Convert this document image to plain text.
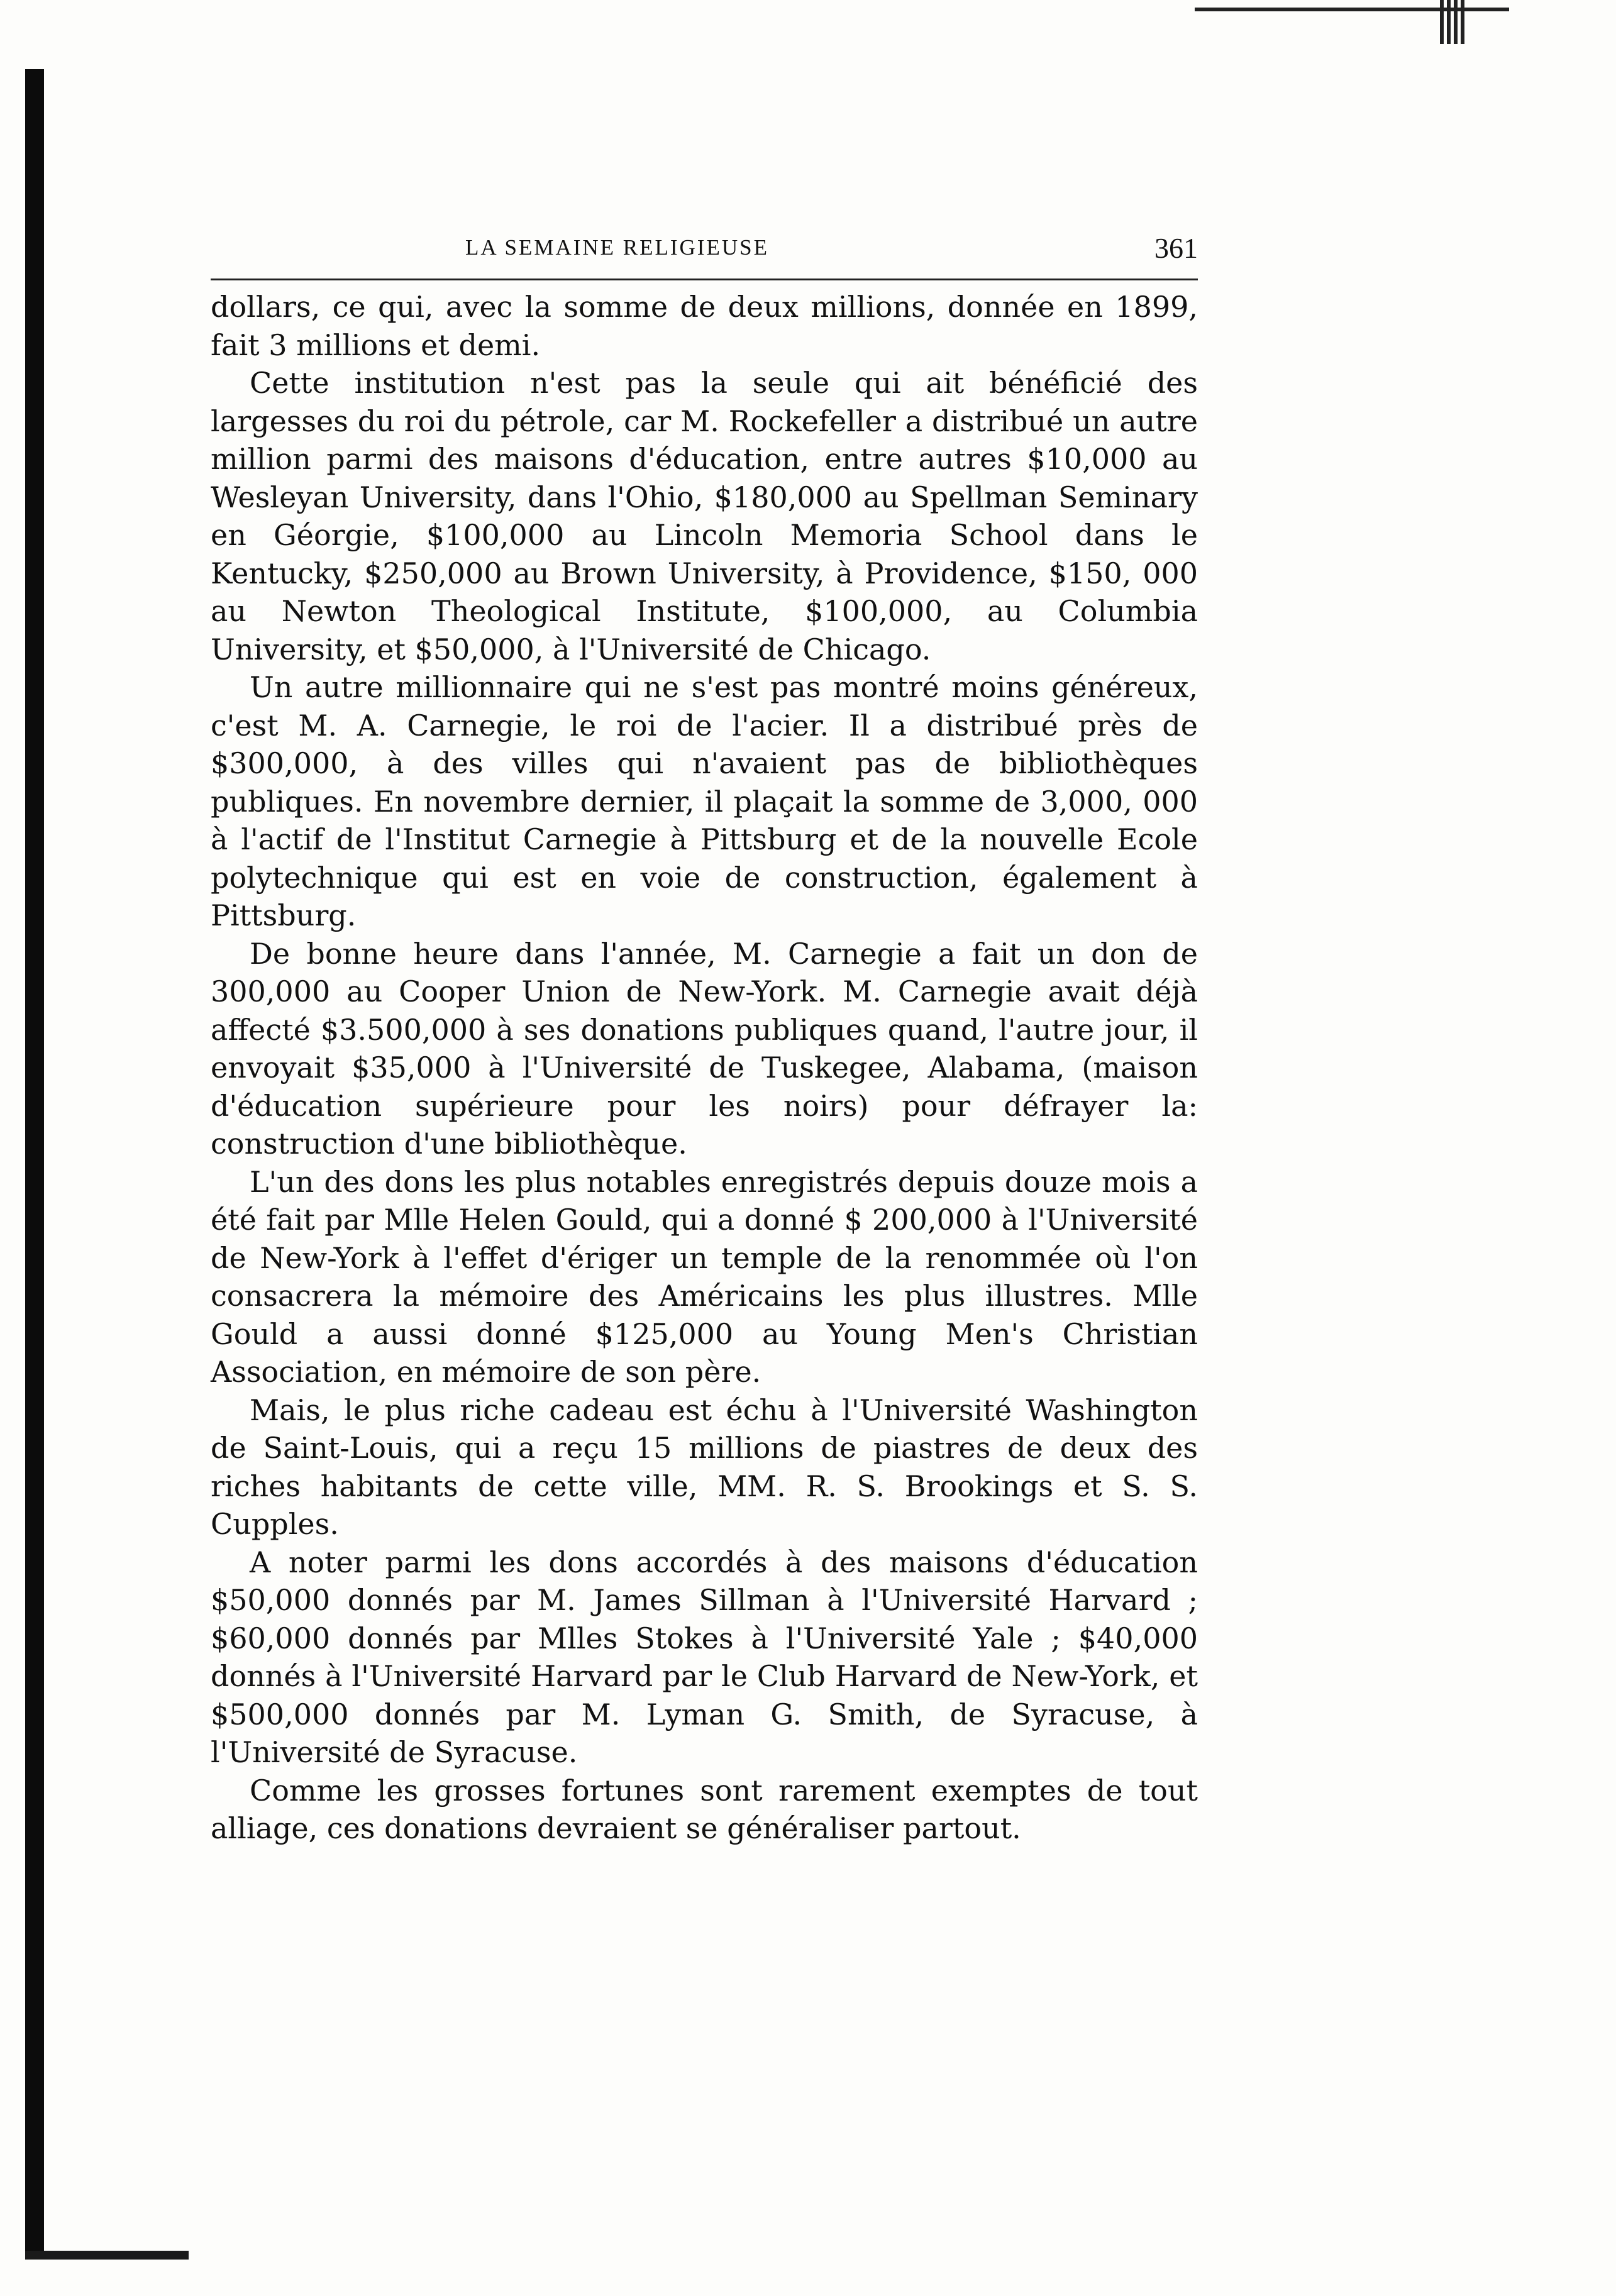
LA SEMAINE RELIGIEUSE	361

dollars, ce qui, avec la somme de deux millions, donnée en 1899, fait 3 millions et demi.

Cette institution n'est pas la seule qui ait bénéficié des largesses du roi du pétrole, car M. Rockefeller a distribué un autre million parmi des maisons d'éducation, entre autres $10,000 au Wesleyan University, dans l'Ohio, $180,000 au Spellman Seminary en Géorgie, $100,000 au Lincoln Memoria School dans le Kentucky, $250,000 au Brown University, à Providence, $150, 000 au Newton Theological Institute, $100,000, au Columbia University, et $50,000, à l'Université de Chicago.

Un autre millionnaire qui ne s'est pas montré moins généreux, c'est M. A. Carnegie, le roi de l'acier. Il a distribué près de $300,000, à des villes qui n'avaient pas de bibliothèques publiques. En novembre dernier, il plaçait la somme de 3,000, 000 à l'actif de l'Institut Carnegie à Pittsburg et de la nouvelle Ecole polytechnique qui est en voie de construction, également à Pittsburg.

De bonne heure dans l'année, M. Carnegie a fait un don de 300,000 au Cooper Union de New-York. M. Carnegie avait déjà affecté $3.500,000 à ses donations publiques quand, l'autre jour, il envoyait $35,000 à l'Université de Tuskegee, Alabama, (maison d'éducation supérieure pour les noirs) pour défrayer la: construction d'une bibliothèque.

L'un des dons les plus notables enregistrés depuis douze mois a été fait par Mlle Helen Gould, qui a donné $ 200,000 à l'Université de New-York à l'effet d'ériger un temple de la renommée où l'on consacrera la mémoire des Américains les plus illustres. Mlle Gould a aussi donné $125,000 au Young Men's Christian Association, en mémoire de son père.

Mais, le plus riche cadeau est échu à l'Université Washington de Saint-Louis, qui a reçu 15 millions de piastres de deux des riches habitants de cette ville, MM. R. S. Brookings et S. S. Cupples.

A noter parmi les dons accordés à des maisons d'éducation $50,000 donnés par M. James Sillman à l'Université Harvard ; $60,000 donnés par Mlles Stokes à l'Université Yale ; $40,000 donnés à l'Université Harvard par le Club Harvard de New-York, et $500,000 donnés par M. Lyman G. Smith, de Syracuse, à l'Université de Syracuse.

Comme les grosses fortunes sont rarement exemptes de tout alliage, ces donations devraient se généraliser partout.
